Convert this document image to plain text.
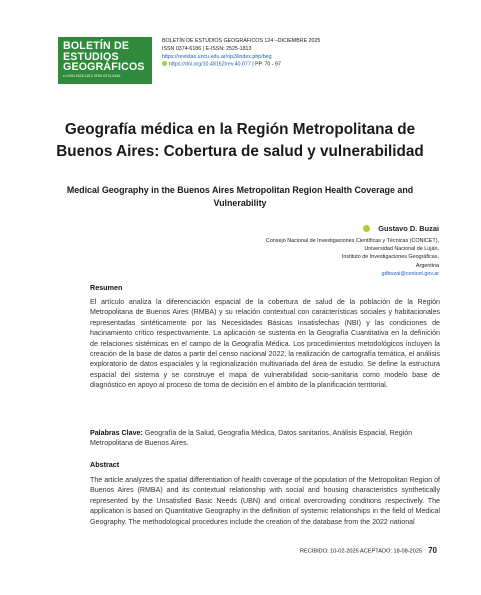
BOLETÍN DE
ESTUDIOS
GEOGRÁFICOS
e-ISSN 2525-1813 ISSN 0374-6186
BOLETÍN DE ESTUDIOS GEOGRÁFICOS 124 –DICIEMBRE 2025
ISSN 0374-6186 | E-ISSN: 2525-1813
https://revistas.uncu.edu.ar/ojs3/index.php/beg
https://doi.org/10.48162/rev.40.077 | PP. 70 - 97
Geografía médica en la Región Metropolitana de Buenos Aires: Cobertura de salud y vulnerabilidad
Medical Geography in the Buenos Aires Metropolitan Region Health Coverage and Vulnerability
Gustavo D. Buzai
Consejo Nacional de Investigaciones Científicas y Técnicas (CONICET),
Universidad Nacional de Luján,
Instituto de Investigaciones Geográficas,
Argentina
gdbuzai@conicet.gov.ar
Resumen

El artículo analiza la diferenciación espacial de la cobertura de salud de la población de la Región Metropolitana de Buenos Aires (RMBA) y su relación contextual con características sociales y habitacionales representadas sintéticamente por las Necesidades Básicas Insatisfechas (NBI) y las condiciones de hacinamiento crítico respectivamente. La aplicación se sustenta en la Geografía Cuantitativa en la definición de relaciones sistémicas en el campo de la Geografía Médica. Los procedimientos metodológicos incluyen la creación de la base de datos a partir del censo nacional 2022, la realización de cartografía temática, el análisis exploratorio de datos espaciales y la regionalización multivariada del área de estudio. Se define la estructura espacial del sistema y se construye el mapa de vulnerabilidad socio-sanitaria como modelo base de diagnóstico en apoyo al proceso de toma de decisión en el ámbito de la planificación territorial.

Palabras Clave: Geografía de la Salud, Geografía Médica, Datos sanitarios, Análisis Espacial, Región Metropolitana de Buenos Aires.

Abstract

The article analyzes the spatial differentiation of health coverage of the population of the Metropolitan Region of Buenos Aires (RMBA) and its contextual relationship with social and housing characteristics synthetically represented by the Unsatisfied Basic Needs (UBN) and critical overcrowding conditions respectively. The application is based on Quantitative Geography in the definition of systemic relationships in the field of Medical Geography. The methodological procedures include the creation of the database from the 2022 national

RECIBIDO: 10-02-2025 ACEPTADO: 18-08-2025 70
